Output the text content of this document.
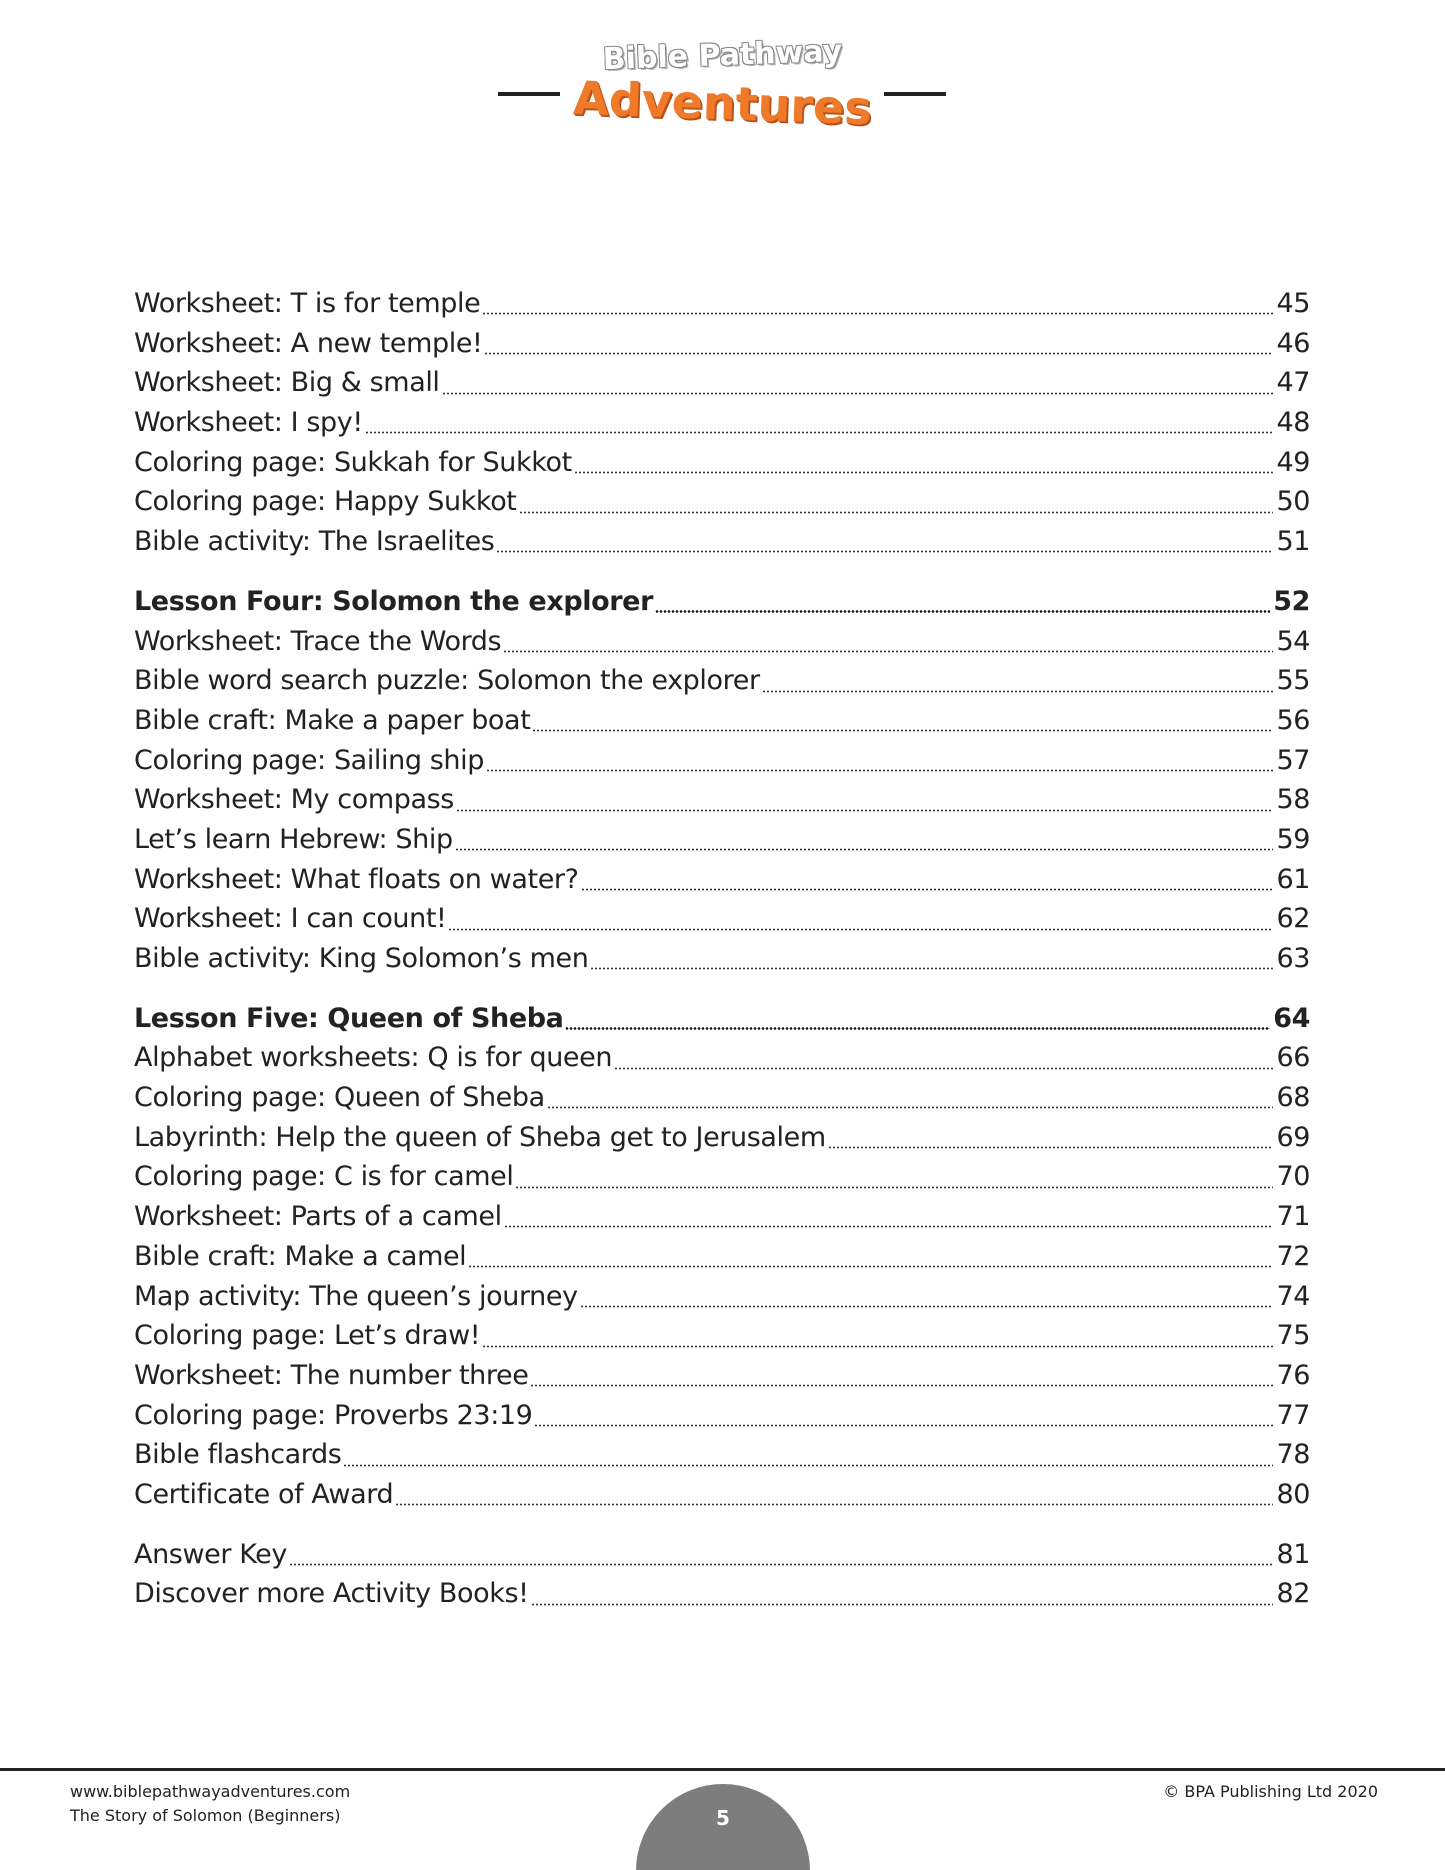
Bible Pathway
Adventures
Worksheet: T is for temple	45
Worksheet: A new temple!	46
Worksheet: Big & small	47
Worksheet: I spy!	48
Coloring page: Sukkah for Sukkot	49
Coloring page: Happy Sukkot	50
Bible activity: The Israelites	51
Lesson Four: Solomon the explorer	52
Worksheet: Trace the Words	54
Bible word search puzzle: Solomon the explorer	55
Bible craft: Make a paper boat	56
Coloring page: Sailing ship	57
Worksheet: My compass	58
Let’s learn Hebrew: Ship	59
Worksheet: What floats on water?	61
Worksheet: I can count!	62
Bible activity: King Solomon’s men	63
Lesson Five: Queen of Sheba	64
Alphabet worksheets: Q is for queen	66
Coloring page: Queen of Sheba	68
Labyrinth: Help the queen of Sheba get to Jerusalem	69
Coloring page: C is for camel	70
Worksheet: Parts of a camel	71
Bible craft: Make a camel	72
Map activity: The queen’s journey	74
Coloring page: Let’s draw!	75
Worksheet: The number three	76
Coloring page: Proverbs 23:19	77
Bible flashcards	78
Certificate of Award	80
Answer Key	81
Discover more Activity Books!	82
www.biblepathwayadventures.com
The Story of Solomon (Beginners)
© BPA Publishing Ltd 2020
5
